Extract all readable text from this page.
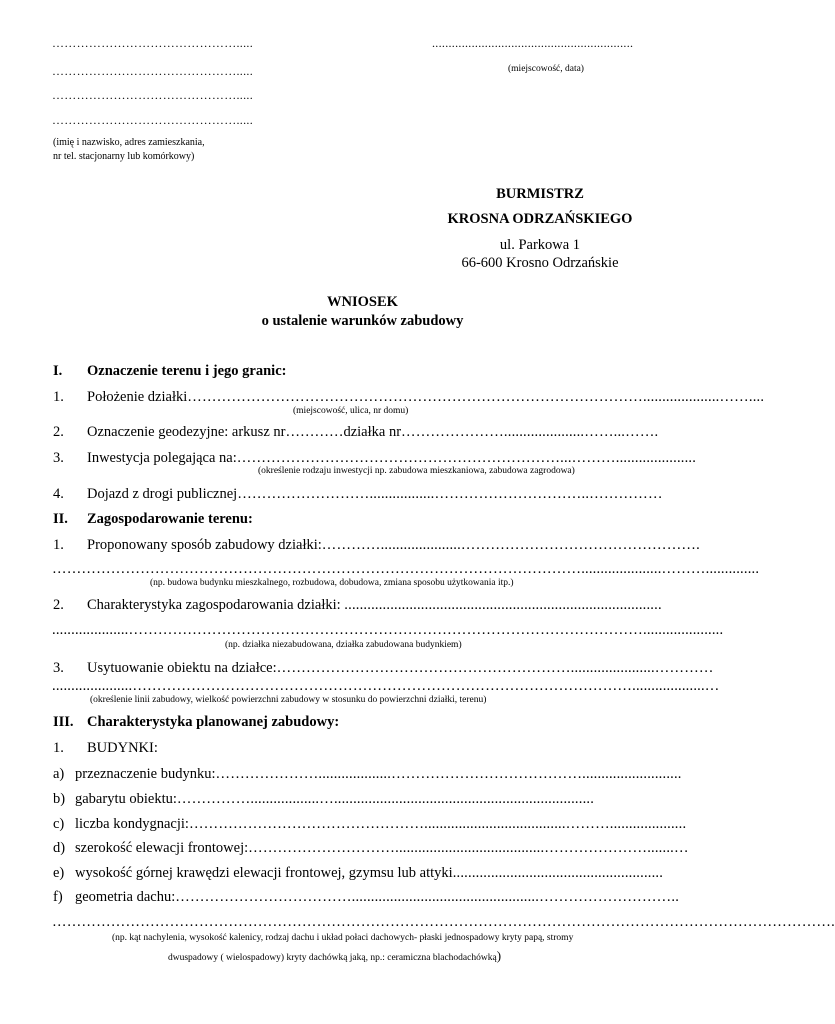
……………………………………….....
……………………………………….....
……………………………………….....
……………………………………….....
(imię i nazwisko, adres zamieszkania,
nr tel. stacjonarny lub komórkowy)
.............................................................
(miejscowość, data)
BURMISTRZ
KROSNA ODRZAŃSKIEGO
ul. Parkowa 1
66-600 Krosno Odrzańskie
WNIOSEK
o ustalenie warunków zabudowy
I. Oznaczenie terenu i jego granic:
1. Położenie działki …………………………………………………………………………………....................……....
(miejscowość, ulica, nr domu)
2. Oznaczenie geodezyjne: arkusz nr…………działka nr ………………….....................……...…….
3. Inwestycja polegająca na: …………………………………………………………...……….....................
(określenie rodzaju inwestycji np. zabudowa mieszkaniowa, zabudowa zagrodowa)
4. Dojazd z drogi publicznej ……………………….................…………………………..……………
II. Zagospodarowanie terenu:
1. Proponowany sposób zabudowy działki: ………….....................………………………………………….
……………………………………………………………………………………………….....................………..............
(np. budowa budynku mieszkalnego, rozbudowa, dobudowa, zmiana sposobu użytkowania itp.)
2. Charakterystyka zagospodarowania działki: ...................................................................................
....................…………………………………………………………………………………………….....................
(np. działka niezabudowana, działka zabudowana budynkiem)
3. Usytuowanie obiektu na działce: ……………………………………………………......................…………
.....................…………………………………………………………………………………………...................…
(określenie linii zabudowy, wielkość powierzchni zabudowy w stosunku do powierzchni działki, terenu)
III. Charakterystyka planowanej zabudowy:
1. BUDYNKI:
a) przeznaczenie budynku: …………………...................…………………………………..........................
b) gabarytu obiektu: ……………..................…....................................................................
c) liczba kondygnacji: ………………………………………….....................................………....................
d) szerokość elewacji frontowej: ………………………….......................................………………….......…
e) wysokość górnej krawędzi elewacji frontowej, gzymsu lub attyki .......................................................
f) geometria dachu: ……………………………….................................................………………………..
…………………………………………………………………………………………………………………………………………….
(np. kąt nachylenia, wysokość kalenicy, rodzaj dachu i układ połaci dachowych- płaski jednospadowy kryty papą, stromy
dwuspadowy ( wielospadowy) kryty dachówką jaką, np.: ceramiczna blachodachówką)
